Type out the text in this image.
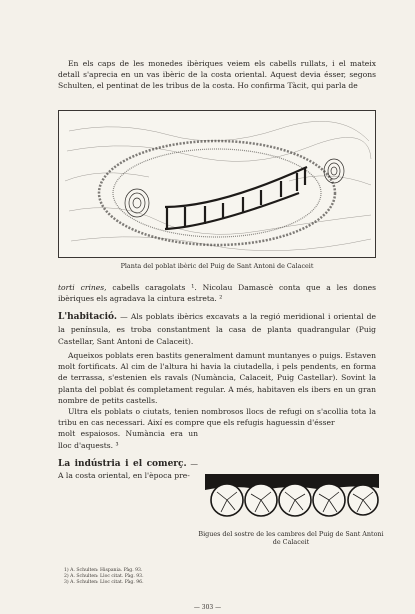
En els caps de les monedes ibèriques veiem els cabells rullats, i el mateix detall s'aprecia en un vas ibèric de la costa oriental. Aquest devia ésser, segons Schulten, el pentinat de les tribus de la costa. Ho confirma Tàcit, qui parla de

Planta del poblat ibèric del Puig de Sant Antoni de Calaceit

torti crines, cabells caragolats ¹. Nicolau Damascè conta que a les dones ibèriques els agradava la cintura estreta. ²

L'habitació. — Als poblats ibèrics excavats a la regió meridional i oriental de la península, es troba constantment la casa de planta quadrangular (Puig Castellar, Sant Antoni de Calaceit).

Aqueixos poblats eren bastits generalment damunt muntanyes o puigs. Estaven molt fortificats. Al cim de l'altura hi havia la ciutadella, i pels pendents, en forma de terrassa, s'estenien els ravals (Numància, Calaceit, Puig Castellar). Sovint la planta del poblat és completament regular. A més, habitaven els ibers en un gran nombre de petits castells.

Ultra els poblats o ciutats, tenien nombrosos llocs de refugi on s'acollia tota la tribu en cas necessari. Així es compre que els refugis haguessin d'ésser

molt espaiosos. Numància era un lloc d'aquests. ³

La indústria i el comerç. — A la costa oriental, en l'època pre-

Bigues del sostre de les cambres del Puig de Sant Antoni de Calaceit
1) A. Schulten: Hispania. Pàg. 93.
2) A. Schulten: Lloc citat. Pàg. 93.
3) A. Schulten: Lloc citat. Pàg. 96.
— 303 —
